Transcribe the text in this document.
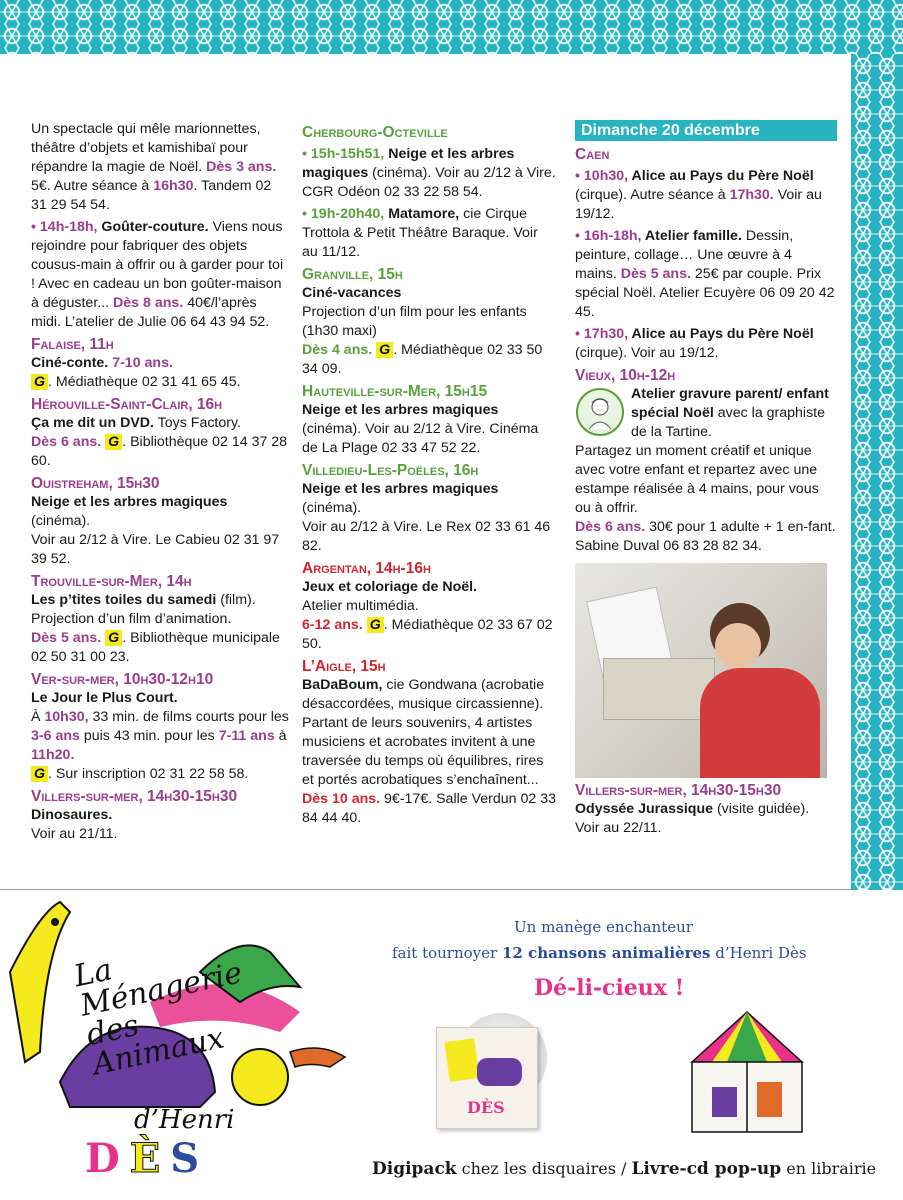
Un spectacle qui mêle marionnettes, théâtre d’objets et kamishibaï pour répandre la magie de Noël. Dès 3 ans. 5€. Autre séance à 16h30. Tandem 02 31 29 54 54.

• 14h-18h, Goûter-couture. Viens nous rejoindre pour fabriquer des objets cousus-main à offrir ou à garder pour toi ! Avec en cadeau un bon goûter-maison à déguster... Dès 8 ans. 40€/l’après midi. L’atelier de Julie 06 64 43 94 52.

Falaise, 11h

Ciné-conte. 7-10 ans.
G . Médiathèque 02 31 41 65 45.

Hérouville-Saint-Clair, 16h

Ça me dit un DVD. Toys Factory.
Dès 6 ans. G . Bibliothèque 02 14 37 28 60.

Ouistreham, 15h30

Neige et les arbres magiques
(cinéma).
Voir au 2/12 à Vire. Le Cabieu 02 31 97 39 52.

Trouville-sur-Mer, 14h

Les p’tites toiles du samedi (film). Projection d’un film d’animation.
Dès 5 ans. G . Bibliothèque municipale 02 50 31 00 23.

Ver-sur-mer, 10h30-12h10

Le Jour le Plus Court.
À 10h30, 33 min. de films courts pour les 3-6 ans puis 43 min. pour les 7-11 ans à 11h20.
G . Sur inscription 02 31 22 58 58.

Villers-sur-mer, 14h30-15h30

Dinosaures.
Voir au 21/11.

Cherbourg-Octeville

• 15h-15h51, Neige et les arbres magiques (cinéma). Voir au 2/12 à Vire. CGR Odéon 02 33 22 58 54.

• 19h-20h40, Matamore, cie Cirque Trottola & Petit Théâtre Baraque. Voir au 11/12.

Granville, 15h

Ciné-vacances
Projection d’un film pour les enfants (1h30 maxi)
Dès 4 ans. G . Médiathèque 02 33 50 34 09.

Hauteville-sur-Mer, 15h15

Neige et les arbres magiques
(cinéma). Voir au 2/12 à Vire. Cinéma de La Plage 02 33 47 52 22.

Villedieu-Les-Poëles, 16h

Neige et les arbres magiques
(cinéma).
Voir au 2/12 à Vire. Le Rex 02 33 61 46 82.

Argentan, 14h-16h

Jeux et coloriage de Noël.
Atelier multimédia.
6-12 ans. G . Médiathèque 02 33 67 02 50.

L’Aigle, 15h

BaDaBoum, cie Gondwana (acrobatie désaccordées, musique circassienne).
Partant de leurs souvenirs, 4 artistes musiciens et acrobates invitent à une traversée du temps où équilibres, rires et portés acrobatiques s’enchaînent...
Dès 10 ans. 9€-17€. Salle Verdun 02 33 84 44 40.

Dimanche 20 décembre

Caen

• 10h30, Alice au Pays du Père Noël (cirque). Autre séance à 17h30. Voir au 19/12.

• 16h-18h, Atelier famille. Dessin, peinture, collage… Une œuvre à 4 mains. Dès 5 ans. 25€ par couple. Prix spécial Noël. Atelier Ecuyère 06 09 20 42 45.

• 17h30, Alice au Pays du Père Noël (cirque). Voir au 19/12.

Vieux, 10h-12h

Atelier gravure parent/ enfant spécial Noël avec la graphiste de la Tartine.
Partagez un moment créatif et unique avec votre enfant et repartez avec une estampe réalisée à 4 mains, pour vous ou à offrir.
Dès 6 ans. 30€ pour 1 adulte + 1 en-fant. Sabine Duval 06 83 28 82 34.

Villers-sur-mer, 14h30-15h30

Odyssée Jurassique (visite guidée).
Voir au 22/11.

La Ménagerie des Animaux
d’Henri
DÈS
Un manège enchanteur
fait tournoyer 12 chansons animalières d’Henri Dès
Dé-li-cieux !
DÈS
Digipack chez les disquaires / Livre-cd pop-up en librairie
